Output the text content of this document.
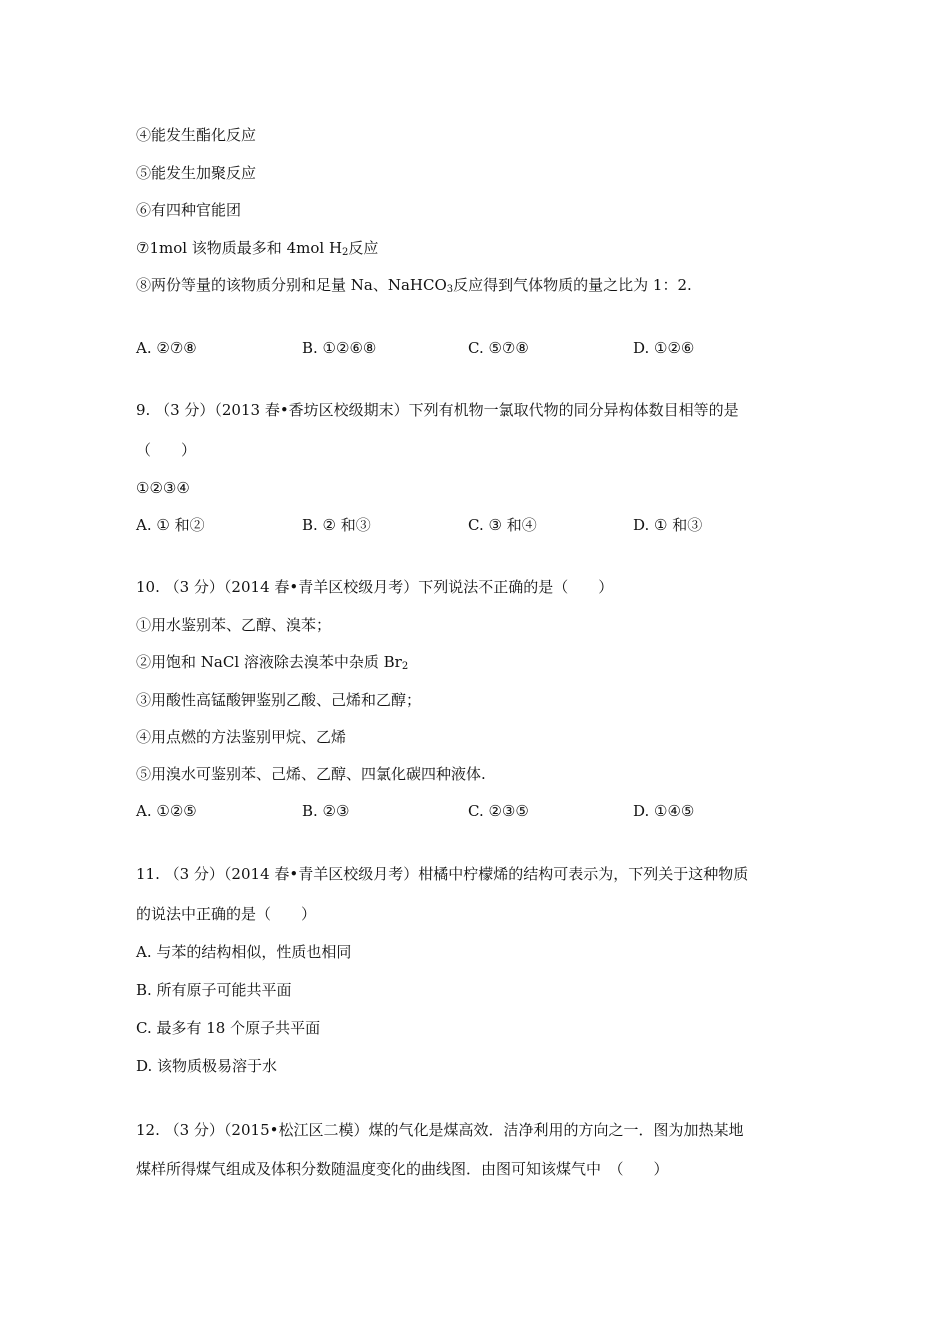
④能发生酯化反应
⑤能发生加聚反应
⑥有四种官能团
⑦1mol 该物质最多和 4mol $H_2$反应
⑧两份等量的该物质分别和足量 Na、NaHCO$_3$反应得到气体物质的量之比为 1：2.
A. ②⑦⑧	B. ①②⑥⑧	C. ⑤⑦⑧	D. ①②⑥
9. （3 分）（2013 春•香坊区校级期末）下列有机物一氯取代物的同分异构体数目相等的是
（　　）
①②③④
A. ① 和②	B. ② 和③	C. ③ 和④	D. ① 和③
10. （3 分）（2014 春•青羊区校级月考）下列说法不正确的是（　　）
①用水鉴别苯、乙醇、溴苯；
②用饱和 NaCl 溶液除去溴苯中杂质 $Br_2$
③用酸性高锰酸钾鉴别乙酸、己烯和乙醇；
④用点燃的方法鉴别甲烷、乙烯
⑤用溴水可鉴别苯、己烯、乙醇、四氯化碳四种液体.
A. ①②⑤	B. ②③	C. ②③⑤	D. ①④⑤
11. （3 分）（2014 春•青羊区校级月考）柑橘中柠檬烯的结构可表示为，下列关于这种物质
的说法中正确的是（　　）
A. 与苯的结构相似，性质也相同
B. 所有原子可能共平面
C. 最多有 18 个原子共平面
D. 该物质极易溶于水
12. （3 分）（2015•松江区二模）煤的气化是煤高效．洁净利用的方向之一．图为加热某地
煤样所得煤气组成及体积分数随温度变化的曲线图．由图可知该煤气中　（　　）
